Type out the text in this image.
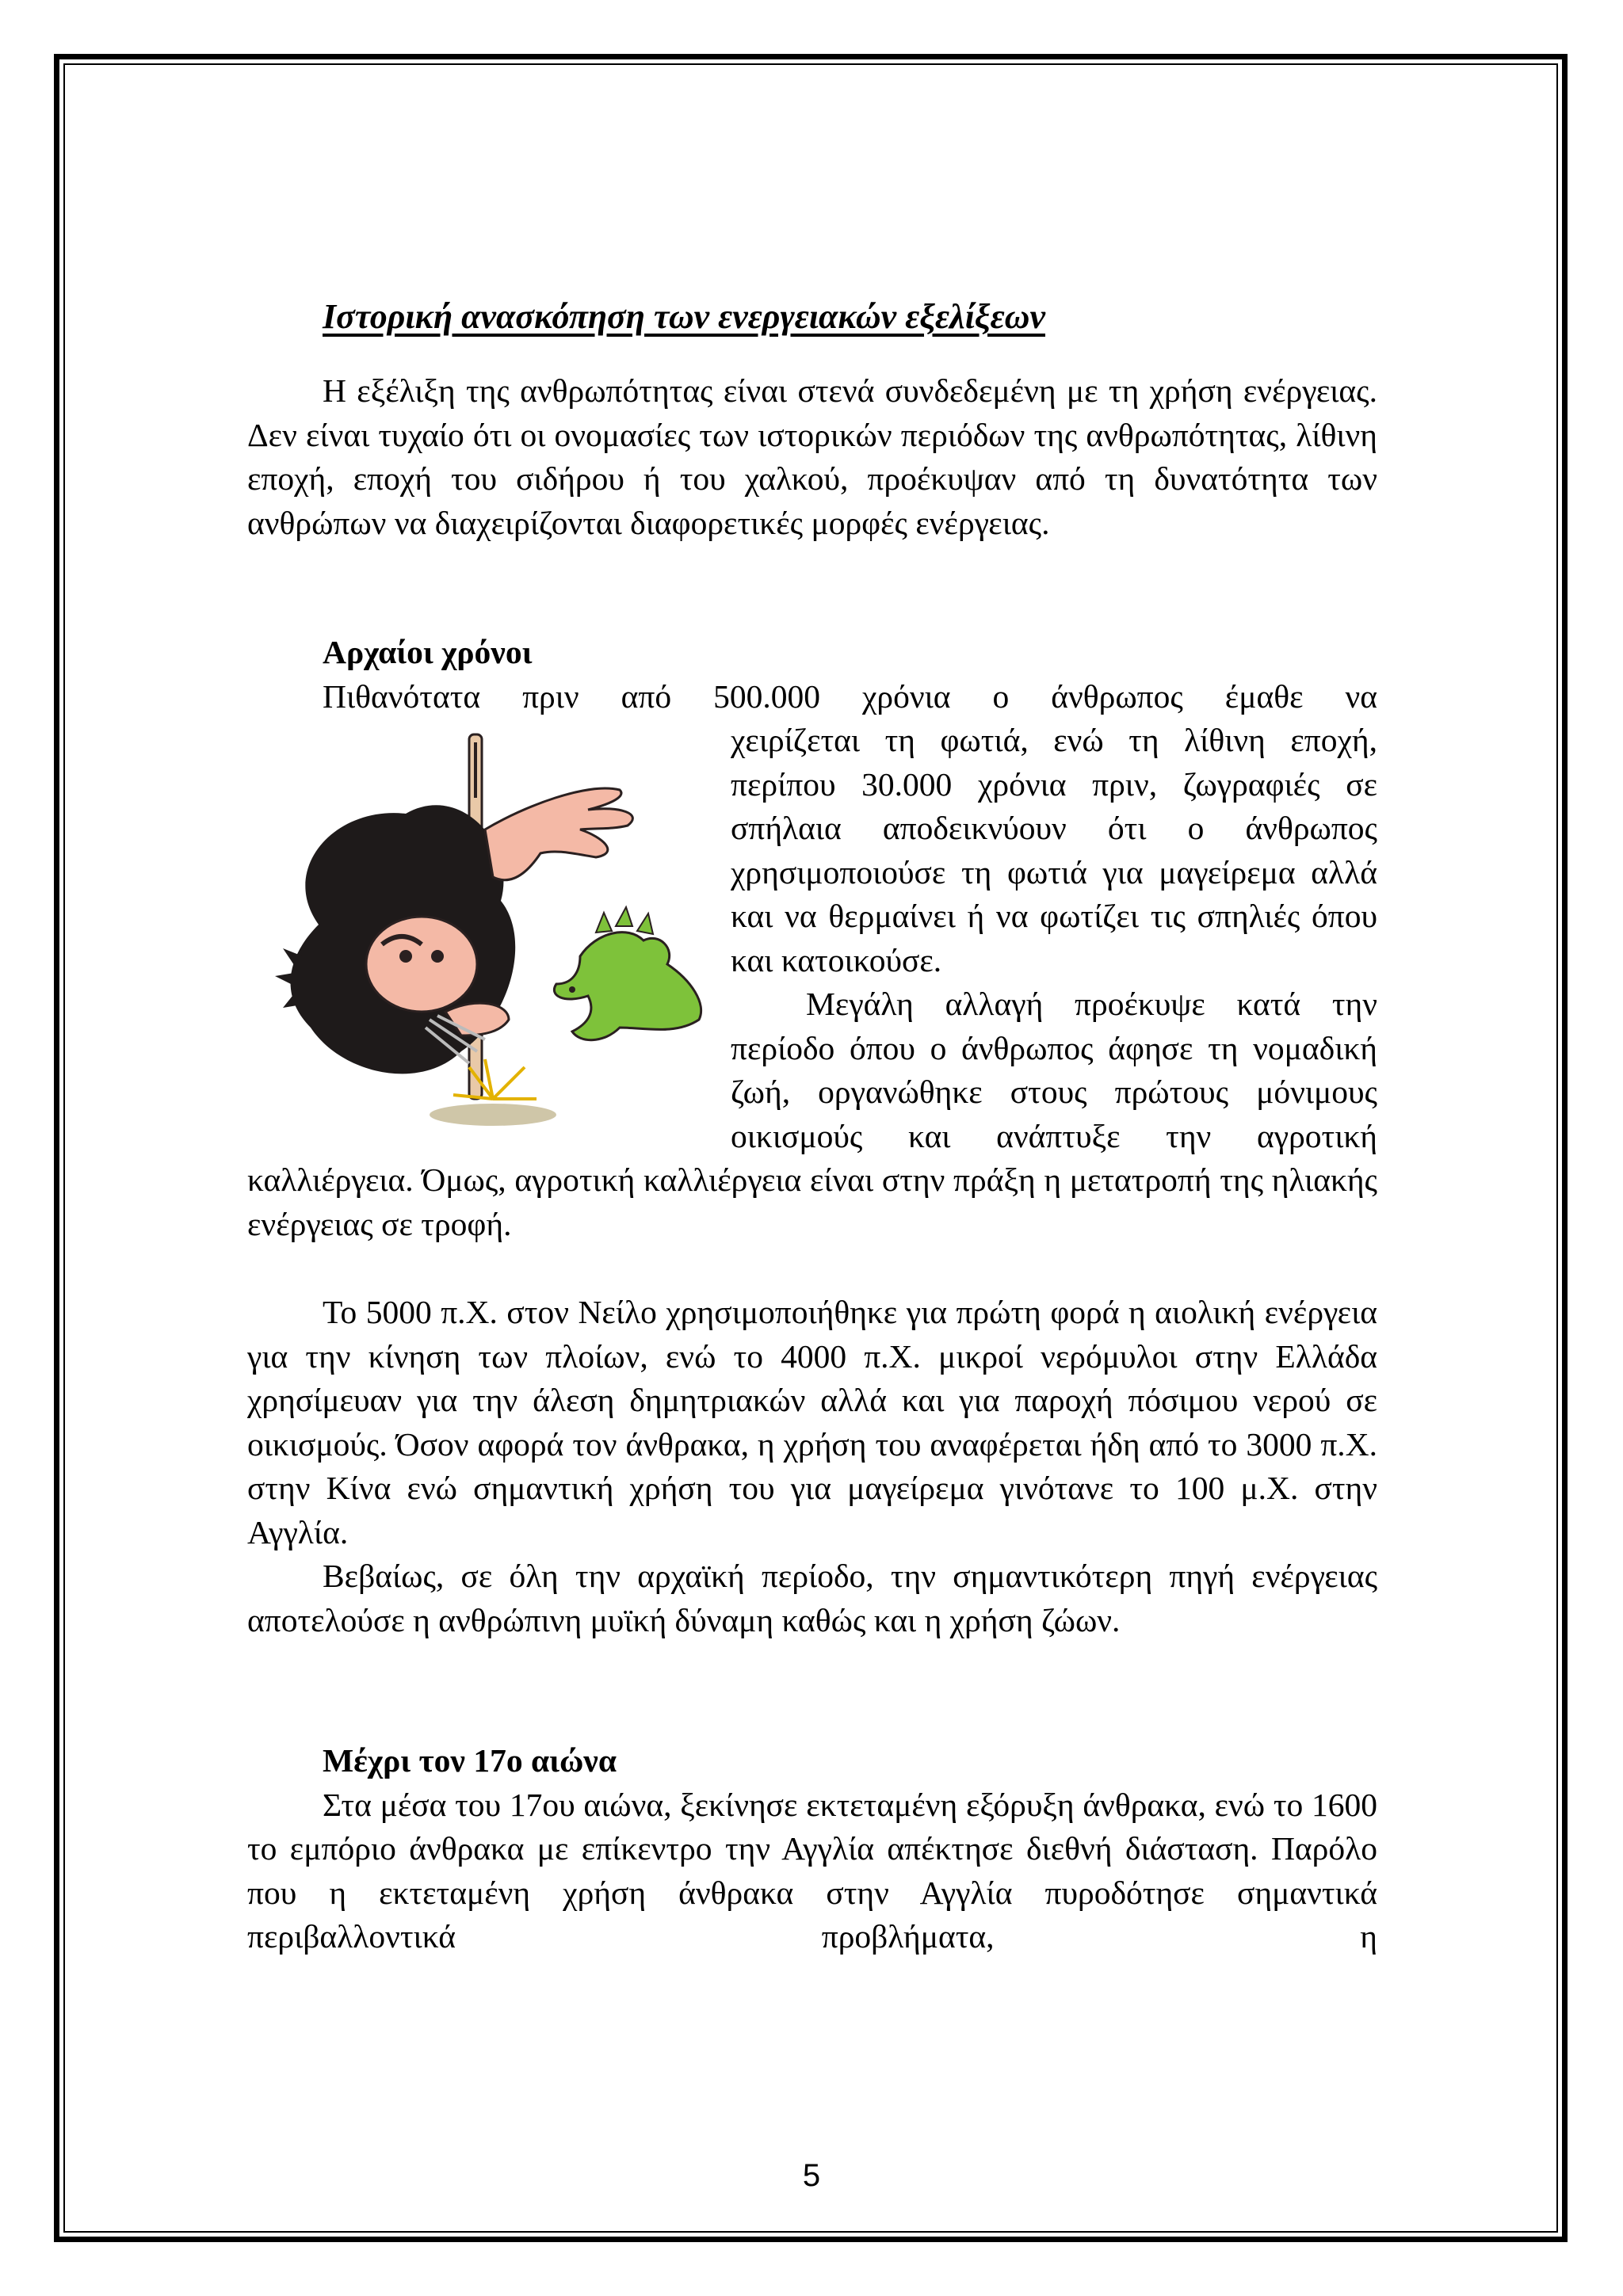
Ιστορική ανασκόπηση των ενεργειακών εξελίξεων

Η εξέλιξη της ανθρωπότητας είναι στενά συνδεδεμένη με τη χρήση ενέργειας. Δεν είναι τυχαίο ότι οι ονομασίες των ιστορικών περιόδων της ανθρωπότητας, λίθινη εποχή, εποχή του σιδήρου ή του χαλκού, προέκυψαν από τη δυνατότητα των ανθρώπων να διαχειρίζονται διαφορετικές μορφές ενέργειας.

Αρχαίοι χρόνοι

Πιθανότατα πριν από 500.000 χρόνια ο άνθρωπος έμαθε να

χειρίζεται τη φωτιά, ενώ τη λίθινη εποχή, περίπου 30.000 χρόνια πριν, ζωγραφιές σε σπήλαια αποδεικνύουν ότι ο άνθρωπος χρησιμοποιούσε τη φωτιά για μαγείρεμα αλλά και να θερμαίνει ή να φωτίζει τις σπηλιές όπου και κατοικούσε.

Μεγάλη αλλαγή προέκυψε κατά την περίοδο όπου ο άνθρωπος άφησε τη νομαδική ζωή, οργανώθηκε στους πρώτους μόνιμους οικισμούς και ανάπτυξε την αγροτική καλλιέργεια. Όμως, αγροτική καλλιέργεια είναι στην πράξη η μετατροπή της ηλιακής ενέργειας σε τροφή.

Το 5000 π.Χ. στον Νείλο χρησιμοποιήθηκε για πρώτη φορά η αιολική ενέργεια για την κίνηση των πλοίων, ενώ το 4000 π.Χ. μικροί νερόμυλοι στην Ελλάδα χρησίμευαν για την άλεση δημητριακών αλλά και για παροχή πόσιμου νερού σε οικισμούς. Όσον αφορά τον άνθρακα, η χρήση του αναφέρεται ήδη από το 3000 π.Χ. στην Κίνα ενώ σημαντική χρήση του για μαγείρεμα γινότανε το 100 μ.Χ. στην Αγγλία.

Βεβαίως, σε όλη την αρχαϊκή περίοδο, την σημαντικότερη πηγή ενέργειας αποτελούσε η ανθρώπινη μυϊκή δύναμη καθώς και η χρήση ζώων.

Μέχρι τον 17ο αιώνα

Στα μέσα του 17ου αιώνα, ξεκίνησε εκτεταμένη εξόρυξη άνθρακα, ενώ το 1600 το εμπόριο άνθρακα με επίκεντρο την Αγγλία απέκτησε διεθνή διάσταση. Παρόλο που η εκτεταμένη χρήση άνθρακα στην Αγγλία πυροδότησε σημαντικά περιβαλλοντικά προβλήματα, η

5
